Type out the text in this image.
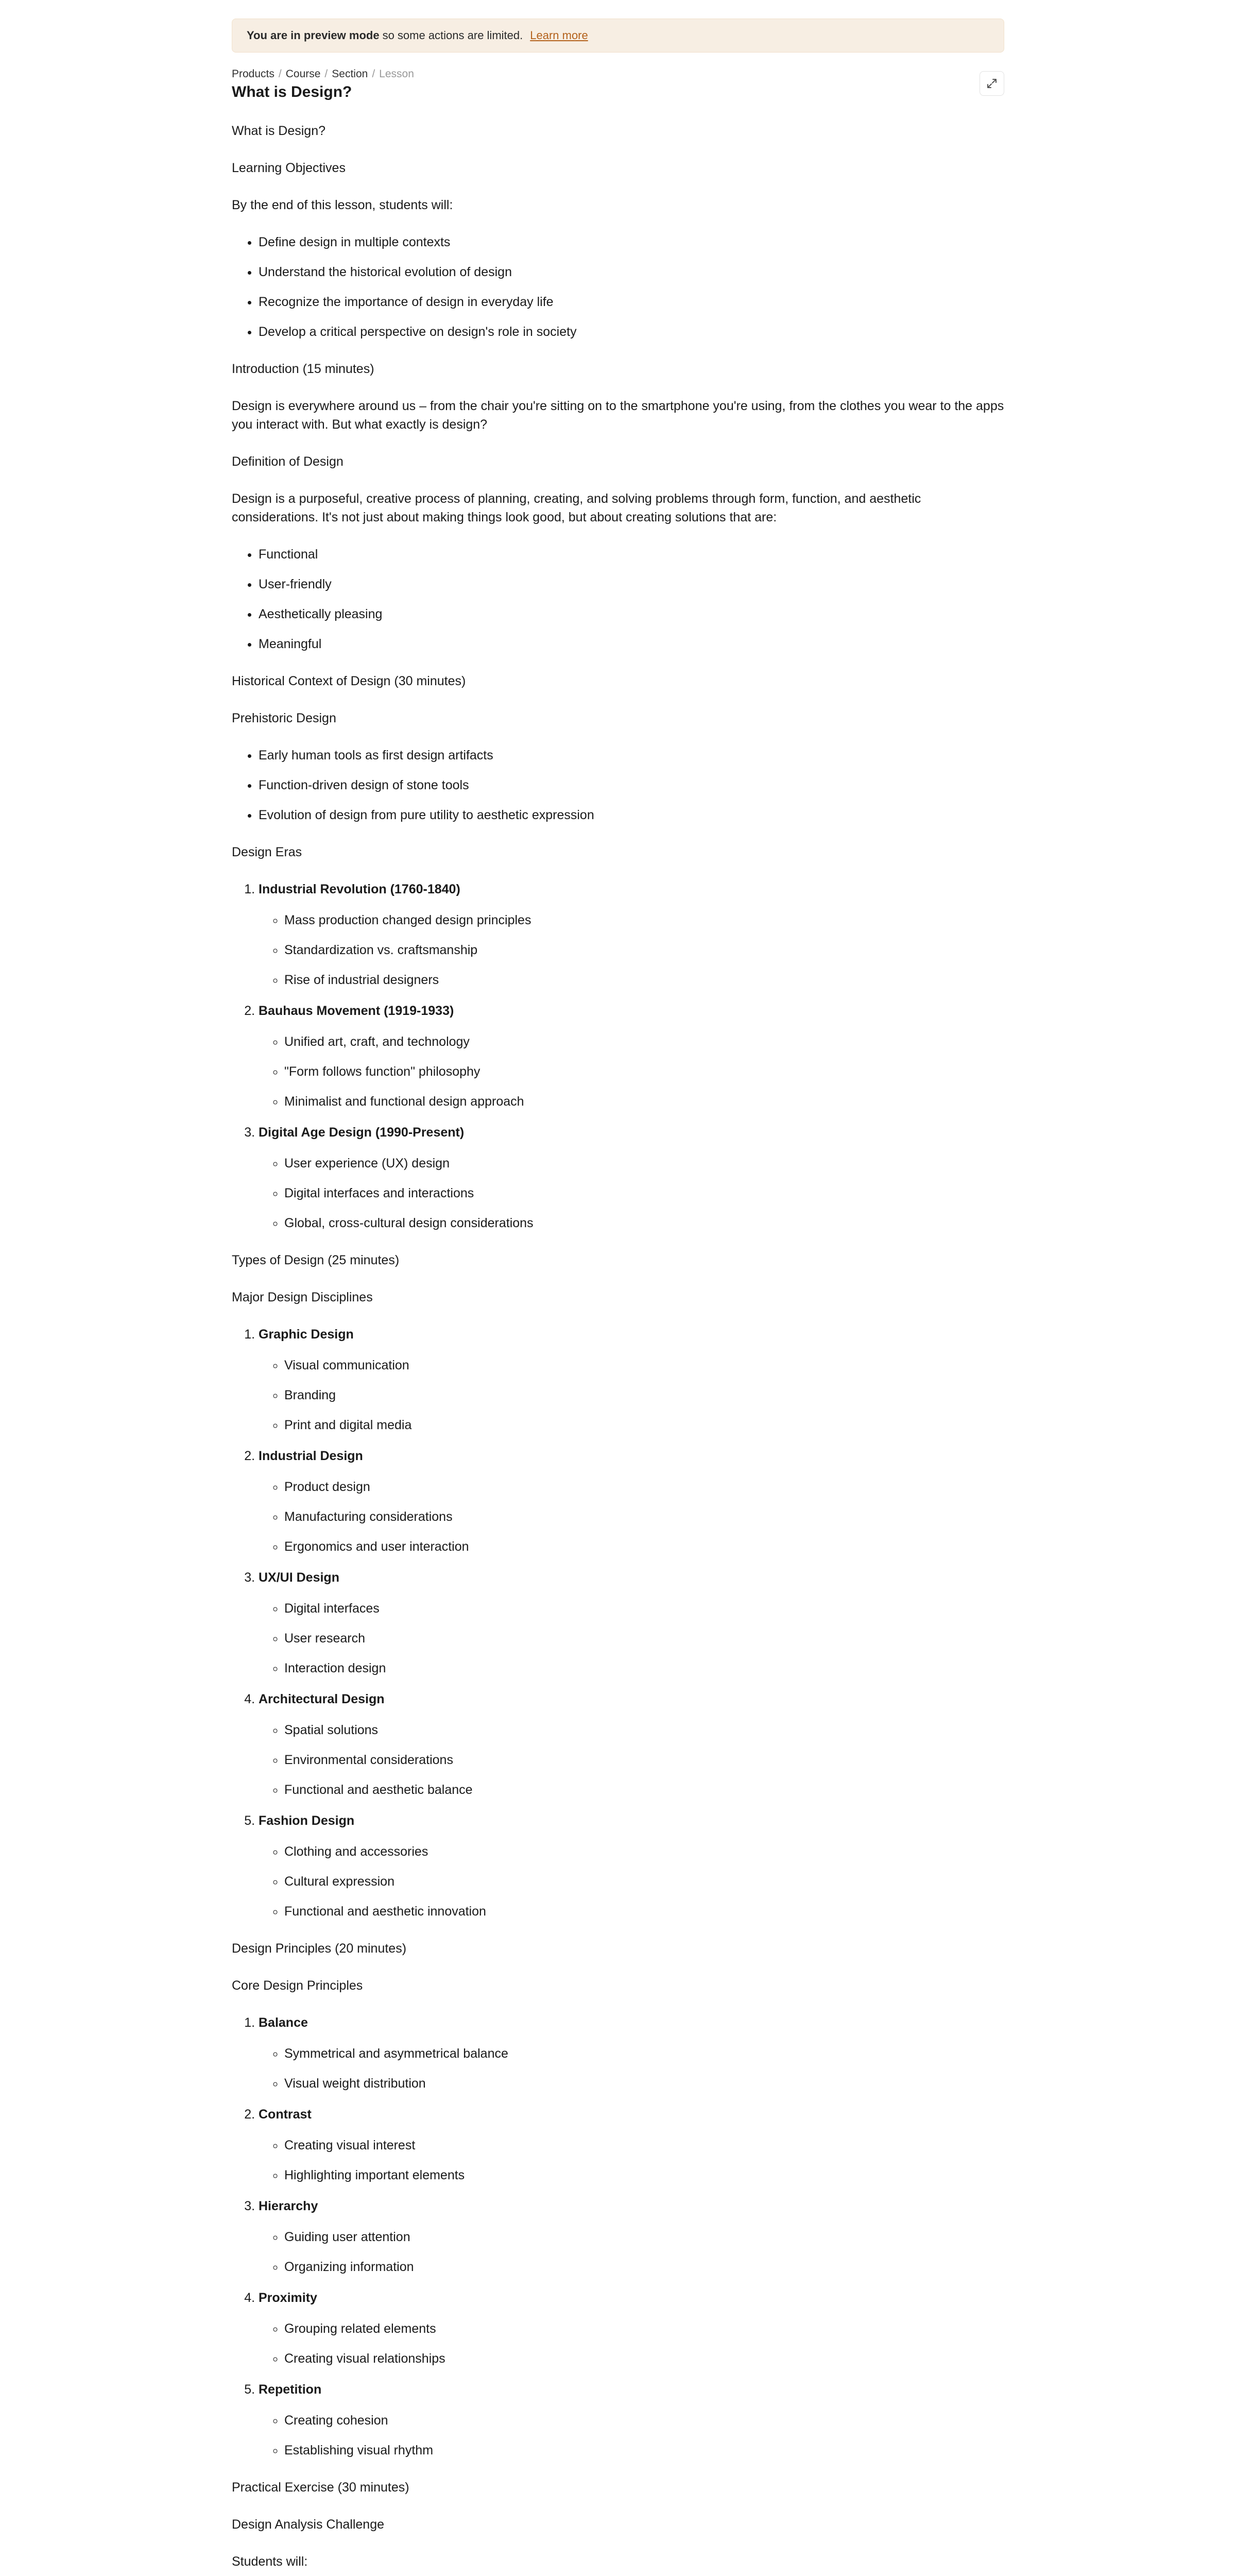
You are in preview mode so some actions are limited. Learn more
Products / Course / Section / Lesson
What is Design?

What is Design?

Learning Objectives

By the end of this lesson, students will:

• Define design in multiple contexts
• Understand the historical evolution of design
• Recognize the importance of design in everyday life
• Develop a critical perspective on design's role in society

Introduction (15 minutes)

Design is everywhere around us – from the chair you're sitting on to the smartphone you're using, from the clothes you wear to the apps you interact with. But what exactly is design?

Definition of Design

Design is a purposeful, creative process of planning, creating, and solving problems through form, function, and aesthetic considerations. It's not just about making things look good, but about creating solutions that are:

• Functional
• User-friendly
• Aesthetically pleasing
• Meaningful

Historical Context of Design (30 minutes)

Prehistoric Design

• Early human tools as first design artifacts
• Function-driven design of stone tools
• Evolution of design from pure utility to aesthetic expression

Design Eras

1. Industrial Revolution (1760-1840)
◦ Mass production changed design principles
◦ Standardization vs. craftsmanship
◦ Rise of industrial designers
2. Bauhaus Movement (1919-1933)
◦ Unified art, craft, and technology
◦ "Form follows function" philosophy
◦ Minimalist and functional design approach
3. Digital Age Design (1990-Present)
◦ User experience (UX) design
◦ Digital interfaces and interactions
◦ Global, cross-cultural design considerations

Types of Design (25 minutes)

Major Design Disciplines

1. Graphic Design
◦ Visual communication
◦ Branding
◦ Print and digital media
2. Industrial Design
◦ Product design
◦ Manufacturing considerations
◦ Ergonomics and user interaction
3. UX/UI Design
◦ Digital interfaces
◦ User research
◦ Interaction design
4. Architectural Design
◦ Spatial solutions
◦ Environmental considerations
◦ Functional and aesthetic balance
5. Fashion Design
◦ Clothing and accessories
◦ Cultural expression
◦ Functional and aesthetic innovation

Design Principles (20 minutes)

Core Design Principles

1. Balance
◦ Symmetrical and asymmetrical balance
◦ Visual weight distribution
2. Contrast
◦ Creating visual interest
◦ Highlighting important elements
3. Hierarchy
◦ Guiding user attention
◦ Organizing information
4. Proximity
◦ Grouping related elements
◦ Creating visual relationships
5. Repetition
◦ Creating cohesion
◦ Establishing visual rhythm

Practical Exercise (30 minutes)

Design Analysis Challenge

Students will:
